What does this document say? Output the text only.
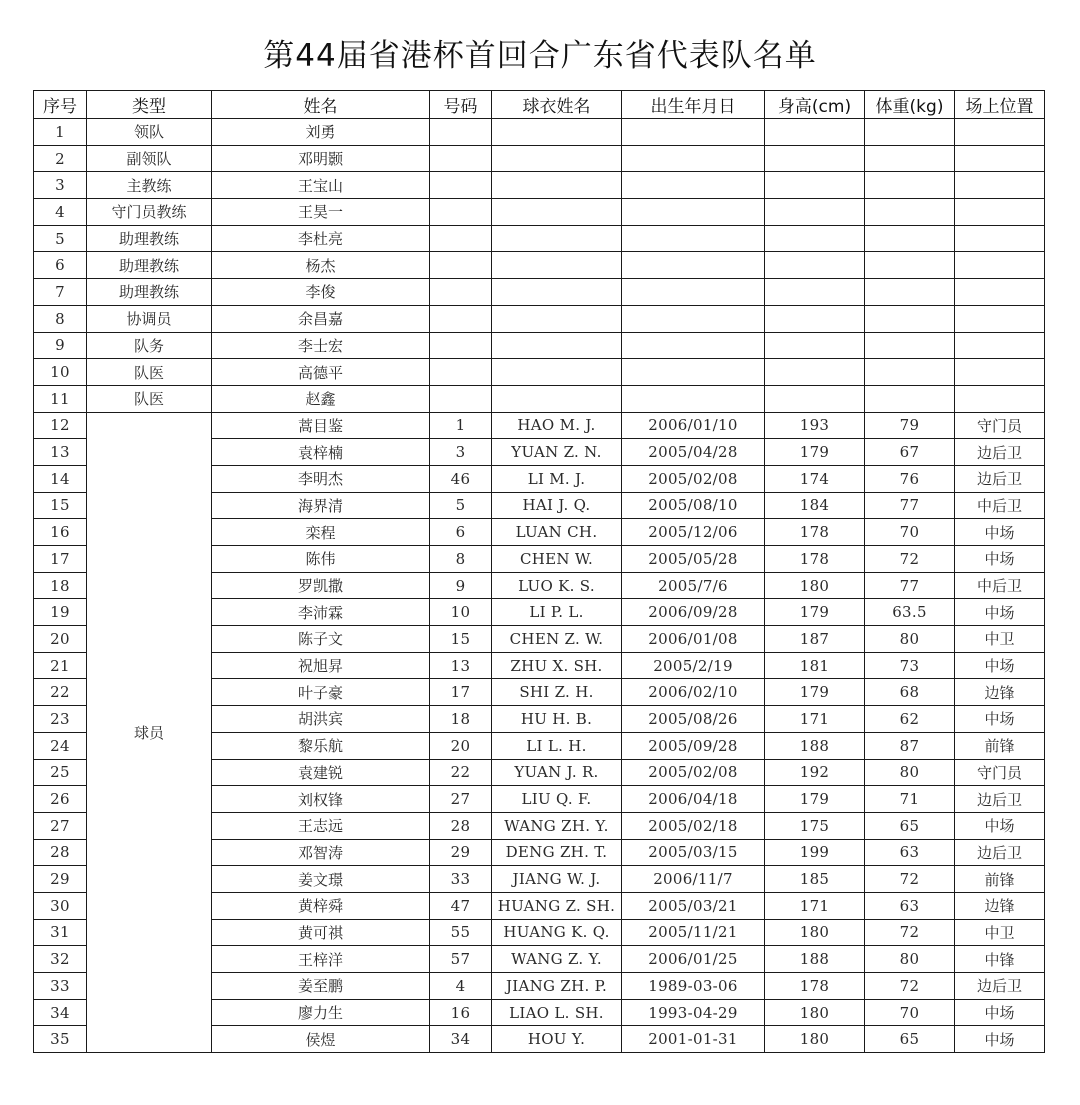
第44届省港杯首回合广东省代表队名单
序号	类型	姓名	号码	球衣姓名	出生年月日	身高(cm)	体重(kg)	场上位置
1	领队	刘勇						
2	副领队	邓明颢						
3	主教练	王宝山						
4	守门员教练	王昊一						
5	助理教练	李杜亮						
6	助理教练	杨杰						
7	助理教练	李俊						
8	协调员	余昌嘉						
9	队务	李士宏						
10	队医	高德平						
11	队医	赵鑫						
12	球员	蒿目鉴	1	HAO M. J.	2006/01/10	193	79	守门员
13		袁梓楠	3	YUAN Z. N.	2005/04/28	179	67	边后卫
14		李明杰	46	LI M. J.	2005/02/08	174	76	边后卫
15		海界清	5	HAI J. Q.	2005/08/10	184	77	中后卫
16		栾程	6	LUAN CH.	2005/12/06	178	70	中场
17		陈伟	8	CHEN W.	2005/05/28	178	72	中场
18		罗凯撒	9	LUO K. S.	2005/7/6	180	77	中后卫
19		李沛霖	10	LI P. L.	2006/09/28	179	63.5	中场
20		陈子文	15	CHEN Z. W.	2006/01/08	187	80	中卫
21		祝旭昇	13	ZHU X. SH.	2005/2/19	181	73	中场
22		叶子豪	17	SHI Z. H.	2006/02/10	179	68	边锋
23		胡洪宾	18	HU H. B.	2005/08/26	171	62	中场
24		黎乐航	20	LI L. H.	2005/09/28	188	87	前锋
25		袁建锐	22	YUAN J. R.	2005/02/08	192	80	守门员
26		刘权锋	27	LIU Q. F.	2006/04/18	179	71	边后卫
27		王志远	28	WANG ZH. Y.	2005/02/18	175	65	中场
28		邓智涛	29	DENG ZH. T.	2005/03/15	199	63	边后卫
29		姜文璟	33	JIANG W. J.	2006/11/7	185	72	前锋
30		黄梓舜	47	HUANG Z. SH.	2005/03/21	171	63	边锋
31		黄可祺	55	HUANG K. Q.	2005/11/21	180	72	中卫
32		王梓洋	57	WANG Z. Y.	2006/01/25	188	80	中锋
33		姜至鹏	4	JIANG ZH. P.	1989-03-06	178	72	边后卫
34		廖力生	16	LIAO L. SH.	1993-04-29	180	70	中场
35		侯煜	34	HOU Y.	2001-01-31	180	65	中场
